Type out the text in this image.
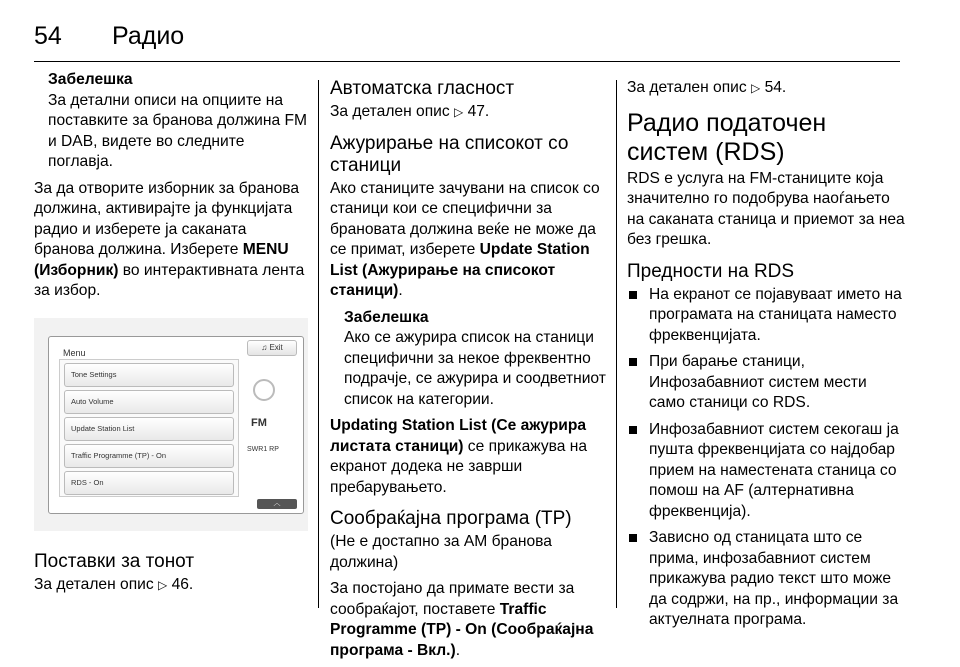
54 Радио
Забелешка
За детални описи на опциите на поставките за бранова должина FM и DAB, видете во следните поглавја.

За да отворите изборник за бранова должина, активирајте ја функцијата радио и изберете ја саканата бранова должина. Изберете MENU (Изборник) во интерактивната лента за избор.

Menu
♫ Exit
Tone Settings
Auto Volume
Update Station List
Traffic Programme (TP) - On
RDS - On
FM
SWR1 RP
︿
Поставки за тонот

За детален опис ▷ 46.

Автоматска гласност

За детален опис ▷ 47.

Ажурирање на списокот со станици

Ако станиците зачувани на список со станици кои се специфични за брановата должина веќе не може да се примат, изберете Update Station List (Ажурирање на списокот станици).

Забелешка
Ако се ажурира список на станици специфични за некое фреквентно подрачје, се ажурира и соодветниот список на категории.

Updating Station List (Се ажурира листата станици) се прикажува на екранот додека не заврши пребарувањето.

Сообраќајна програма (TP)

(Не е достапно за AM бранова должина)

За постојано да примате вести за сообраќајот, поставете Traffic Programme (TP) - On (Сообраќајна програма - Вкл.).

За детален опис ▷ 54.

Радио податочен систем (RDS)

RDS е услуга на FM-станиците која значително го подобрува наоѓањето на саканата станица и приемот за неа без грешка.

Предности на RDS
На екранот се појавуваат името на програмата на станицата наместо фреквенцијата.
При барање станици, Инфозабавниот систем мести само станици со RDS.
Инфозабавниот систем секогаш ја пушта фреквенцијата со најдобар прием на наместената станица со помош на AF (алтернативна фреквенција).
Зависно од станицата што се прима, инфозабавниот систем прикажува радио текст што може да содржи, на пр., информации за актуелната програма.
